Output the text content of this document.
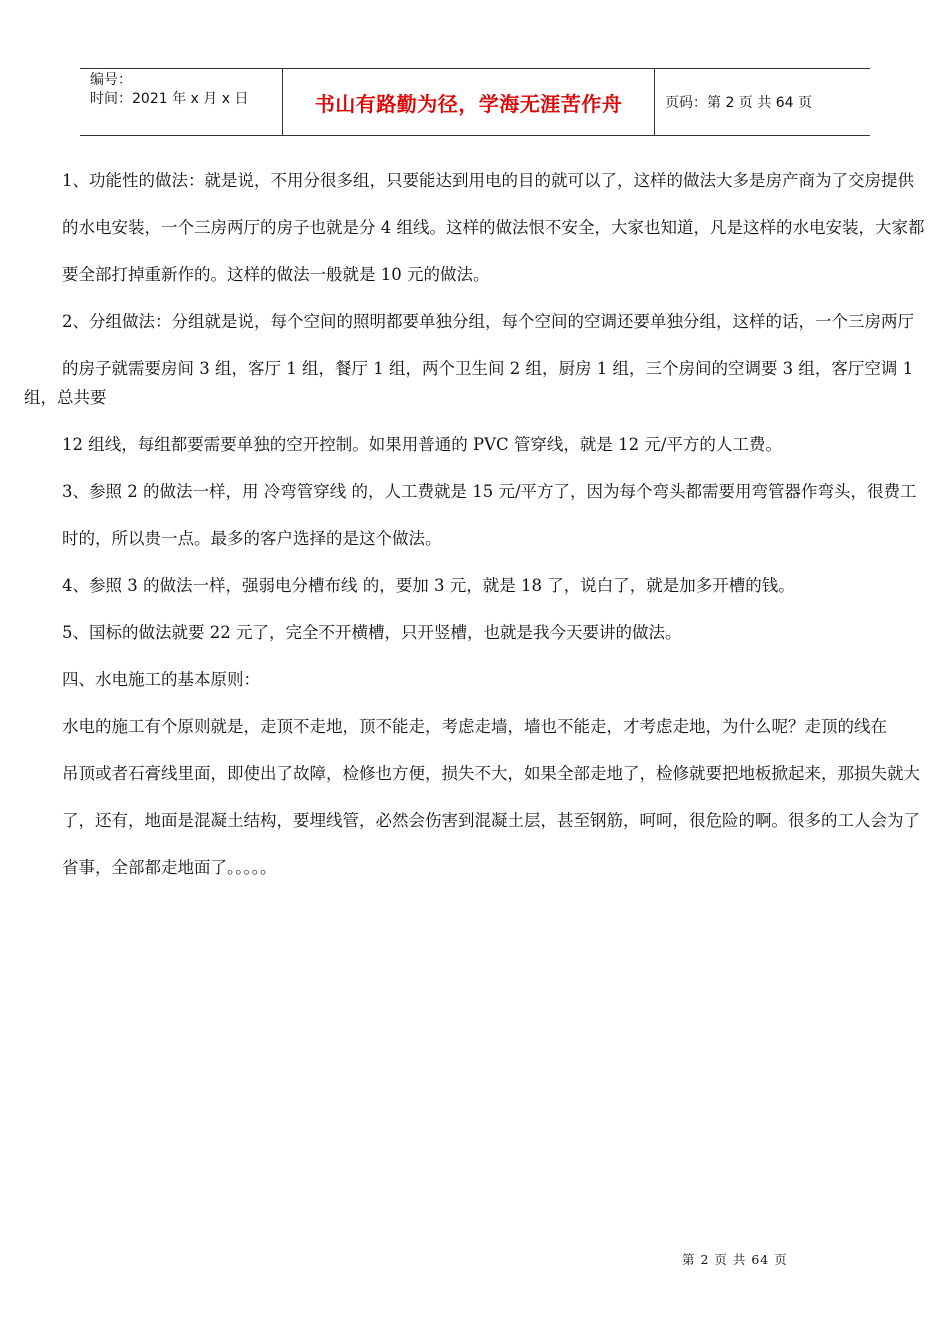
编号：
时间：2021 年 x 月 x 日	书山有路勤为径，学海无涯苦作舟	页码：第 2 页 共 64 页

1、功能性的做法：就是说，不用分很多组，只要能达到用电的目的就可以了，这样的做法大多是房产商为了交房提供

的水电安装，一个三房两厅的房子也就是分 4 组线。这样的做法恨不安全，大家也知道，凡是这样的水电安装，大家都

要全部打掉重新作的。这样的做法一般就是 10 元的做法。

2、分组做法：分组就是说，每个空间的照明都要单独分组，每个空间的空调还要单独分组，这样的话，一个三房两厅

的房子就需要房间 3 组，客厅 1 组，餐厅 1 组，两个卫生间 2 组，厨房 1 组，三个房间的空调要 3 组，客厅空调 1 组，总共要

12 组线，每组都要需要单独的空开控制。如果用普通的 PVC 管穿线，就是 12 元/平方的人工费。

3、参照 2 的做法一样，用 冷弯管穿线 的，人工费就是 15 元/平方了，因为每个弯头都需要用弯管器作弯头，很费工

时的，所以贵一点。最多的客户选择的是这个做法。

4、参照 3 的做法一样，强弱电分槽布线 的，要加 3 元，就是 18 了，说白了，就是加多开槽的钱。

5、国标的做法就要 22 元了，完全不开横槽，只开竖槽，也就是我今天要讲的做法。

四、水电施工的基本原则：

水电的施工有个原则就是，走顶不走地，顶不能走，考虑走墙，墙也不能走，才考虑走地，为什么呢？走顶的线在

吊顶或者石膏线里面，即使出了故障，检修也方便，损失不大，如果全部走地了，检修就要把地板掀起来，那损失就大

了，还有，地面是混凝土结构，要埋线管，必然会伤害到混凝土层，甚至钢筋，呵呵，很危险的啊。很多的工人会为了

省事，全部都走地面了。。。。。

第 2 页 共 64 页
